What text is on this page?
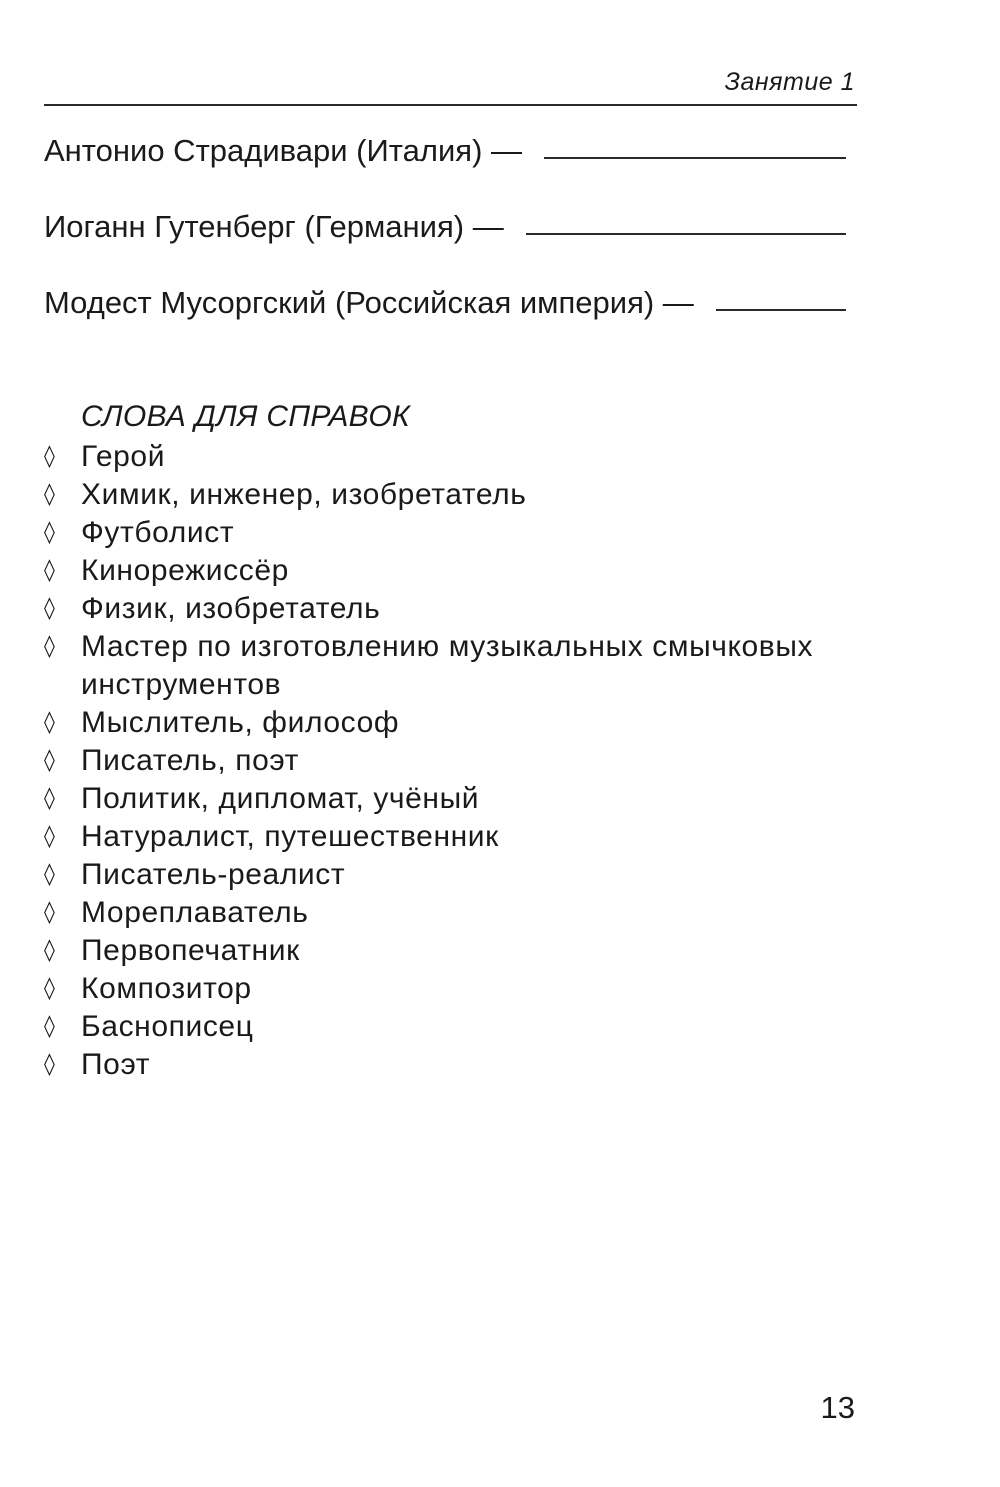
Занятие 1
Антонио Страдивари (Италия) —
Иоганн Гутенберг (Германия) —
Модест Мусоргский (Российская империя) —
СЛОВА ДЛЯ СПРАВОК
◊ Герой
◊ Химик, инженер, изобретатель
◊ Футболист
◊ Кинорежиссёр
◊ Физик, изобретатель
◊ Мастер по изготовлению музыкальных смычковых инструментов
◊ Мыслитель, философ
◊ Писатель, поэт
◊ Политик, дипломат, учёный
◊ Натуралист, путешественник
◊ Писатель-реалист
◊ Мореплаватель
◊ Первопечатник
◊ Композитор
◊ Баснописец
◊ Поэт
13
